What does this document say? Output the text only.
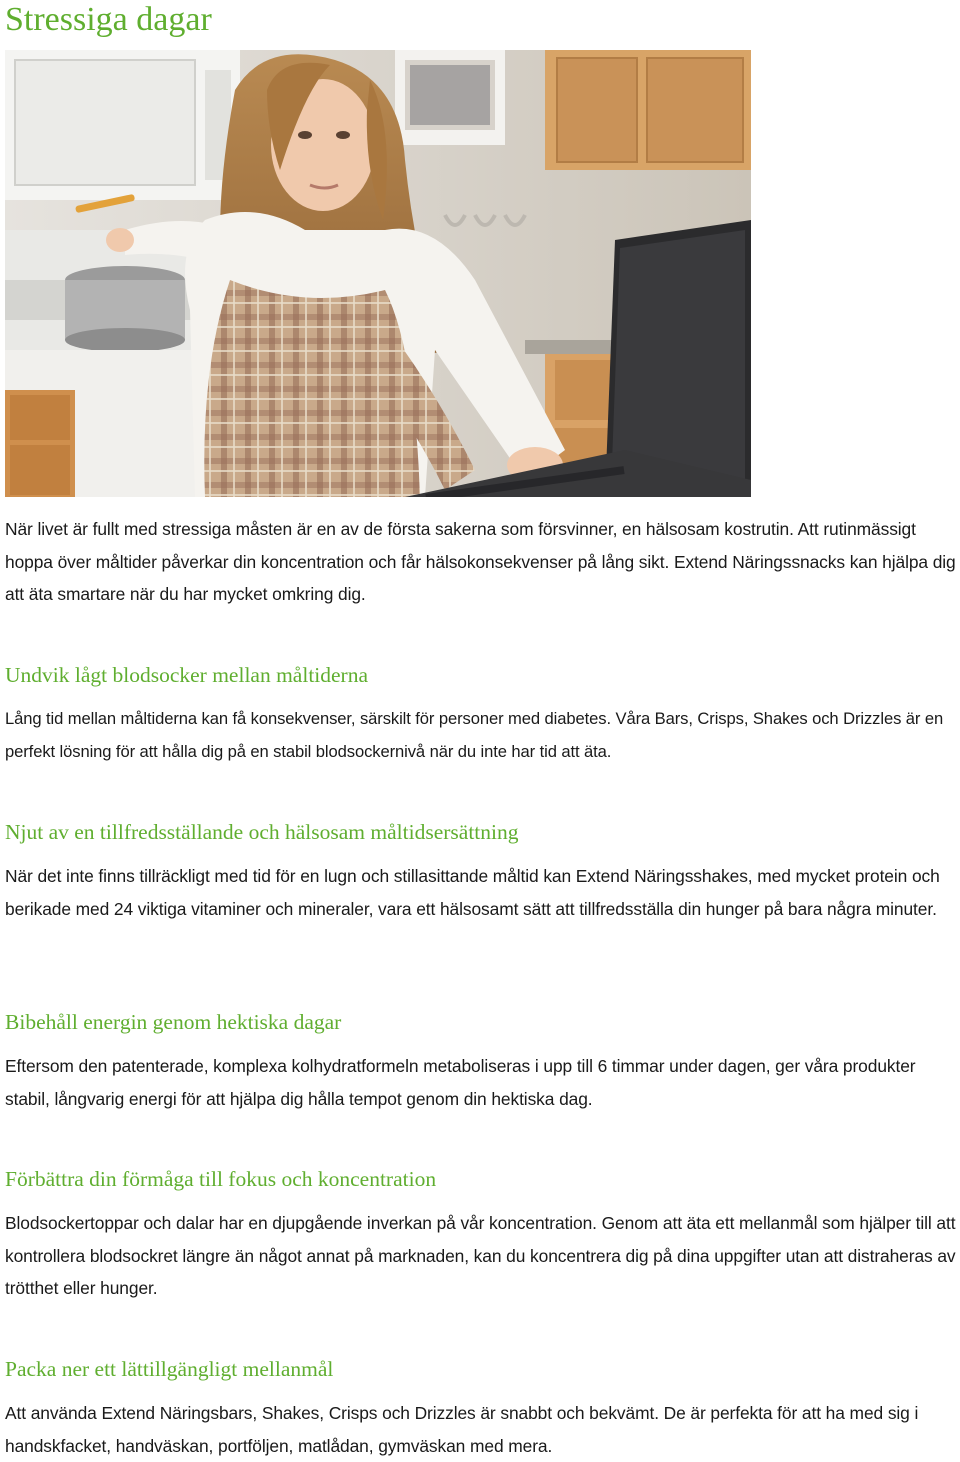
Stressiga dagar

När livet är fullt med stressiga måsten är en av de första sakerna som försvinner, en hälsosam kostrutin. Att rutinmässigt hoppa över måltider påverkar din koncentration och får hälsokonsekvenser på lång sikt. Extend Näringssnacks kan hjälpa dig att äta smartare när du har mycket omkring dig.

Undvik lågt blodsocker mellan måltiderna

Lång tid mellan måltiderna kan få konsekvenser, särskilt för personer med diabetes. Våra Bars, Crisps, Shakes och Drizzles är en perfekt lösning för att hålla dig på en stabil blodsockernivå när du inte har tid att äta.

Njut av en tillfredsställande och hälsosam måltidsersättning

När det inte finns tillräckligt med tid för en lugn och stillasittande måltid kan Extend Näringsshakes, med mycket protein och berikade med 24 viktiga vitaminer och mineraler, vara ett hälsosamt sätt att tillfredsställa din hunger på bara några minuter.

Bibehåll energin genom hektiska dagar

Eftersom den patenterade, komplexa kolhydratformeln metaboliseras i upp till 6 timmar under dagen, ger våra produkter stabil, långvarig energi för att hjälpa dig hålla tempot genom din hektiska dag.

Förbättra din förmåga till fokus och koncentration

Blodsockertoppar och dalar har en djupgående inverkan på vår koncentration. Genom att äta ett mellanmål som hjälper till att kontrollera blodsockret längre än något annat på marknaden, kan du koncentrera dig på dina uppgifter utan att distraheras av trötthet eller hunger.

Packa ner ett lättillgängligt mellanmål

Att använda Extend Näringsbars, Shakes, Crisps och Drizzles är snabbt och bekvämt. De är perfekta för att ha med sig i handskfacket, handväskan, portföljen, matlådan, gymväskan med mera.
